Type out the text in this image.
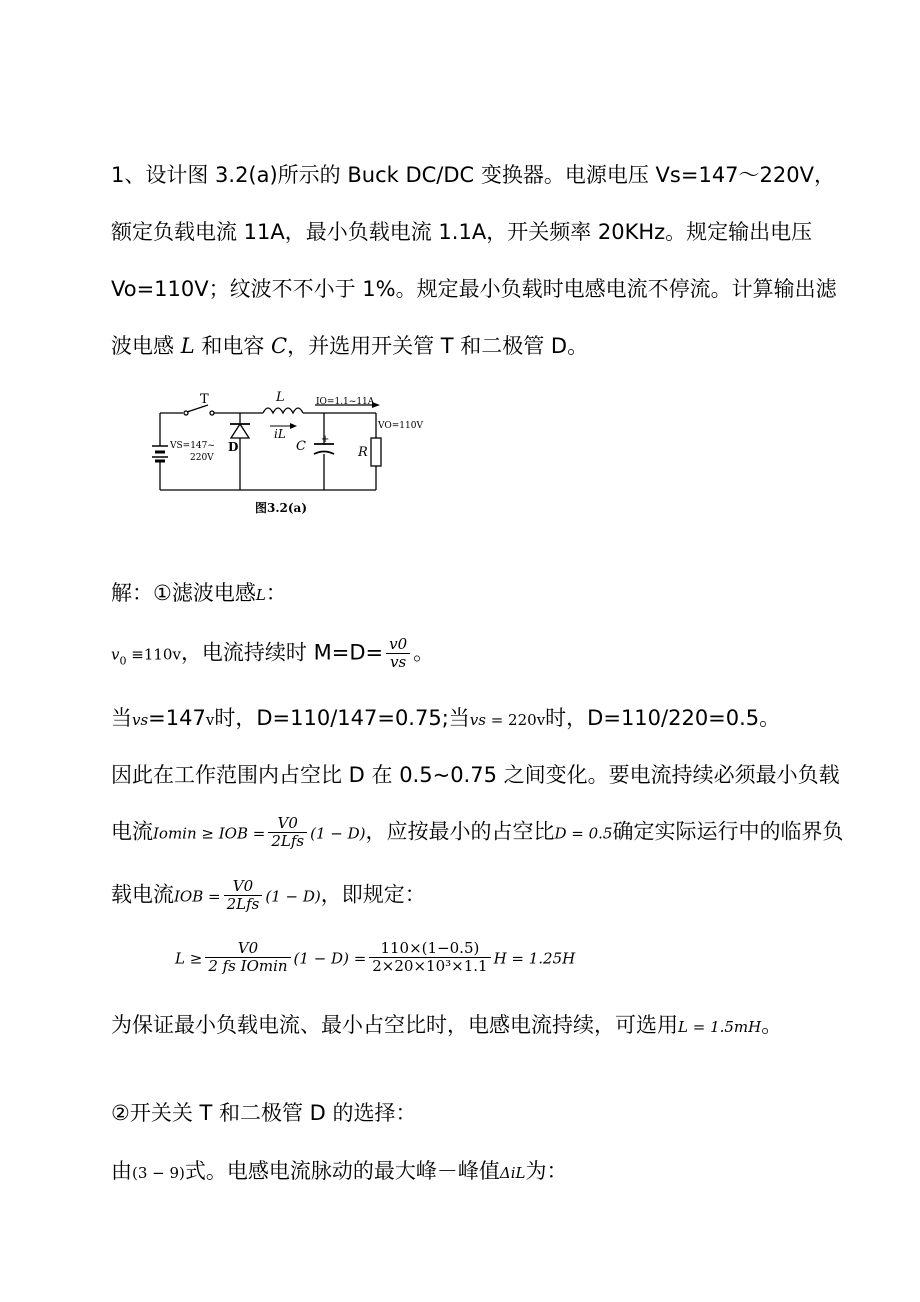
1、设计图 3.2(a)所示的 Buck DC/DC 变换器。电源电压 Vs=147～220V，
额定负载电流 11A，最小负载电流 1.1A，开关频率 20KHz。规定输出电压
Vo=110V；纹波不不小于 1%。规定最小负载时电感电流不停流。计算输出滤
波电感 L 和电容 C，并选用开关管 T 和二极管 D。
T
D
L
iL
IO=1.1~11A
VS=147~
220V
C +
VO=110V
R
图3.2(a)
解：①滤波电感L：
$v_0 \equiv 110v$，电流持续时 $M=D= \frac{v0}{vs}$ 。
当vs=147v时，D=110/147=0.75;当vs = 220v时，D=110/220=0.5。
因此在工作范围内占空比 D 在 0.5~0.75 之间变化。要电流持续必须最小负载
电流Iomin ≥ IOB = $\frac{V0}{\text{2Lfs}} (1 - D)$，应按最小的占空比D = 0.5确定实际运行中的临界负
载电流IOB = $\frac{V0}{\text{2Lfs}} (1 - D)$，即规定：
$L \ge \frac{V0}{\text{2 fs IOmin}} (1 - D) = \frac{110\times(1-0.5)}{\text{2×20×10³×1.1}}$ H = 1.25H
为保证最小负载电流、最小占空比时，电感电流持续，可选用L = 1.5mH。
②开关关 T 和二极管 D 的选择：
由(3 − 9)式。电感电流脉动的最大峰－峰值ΔiL为：
